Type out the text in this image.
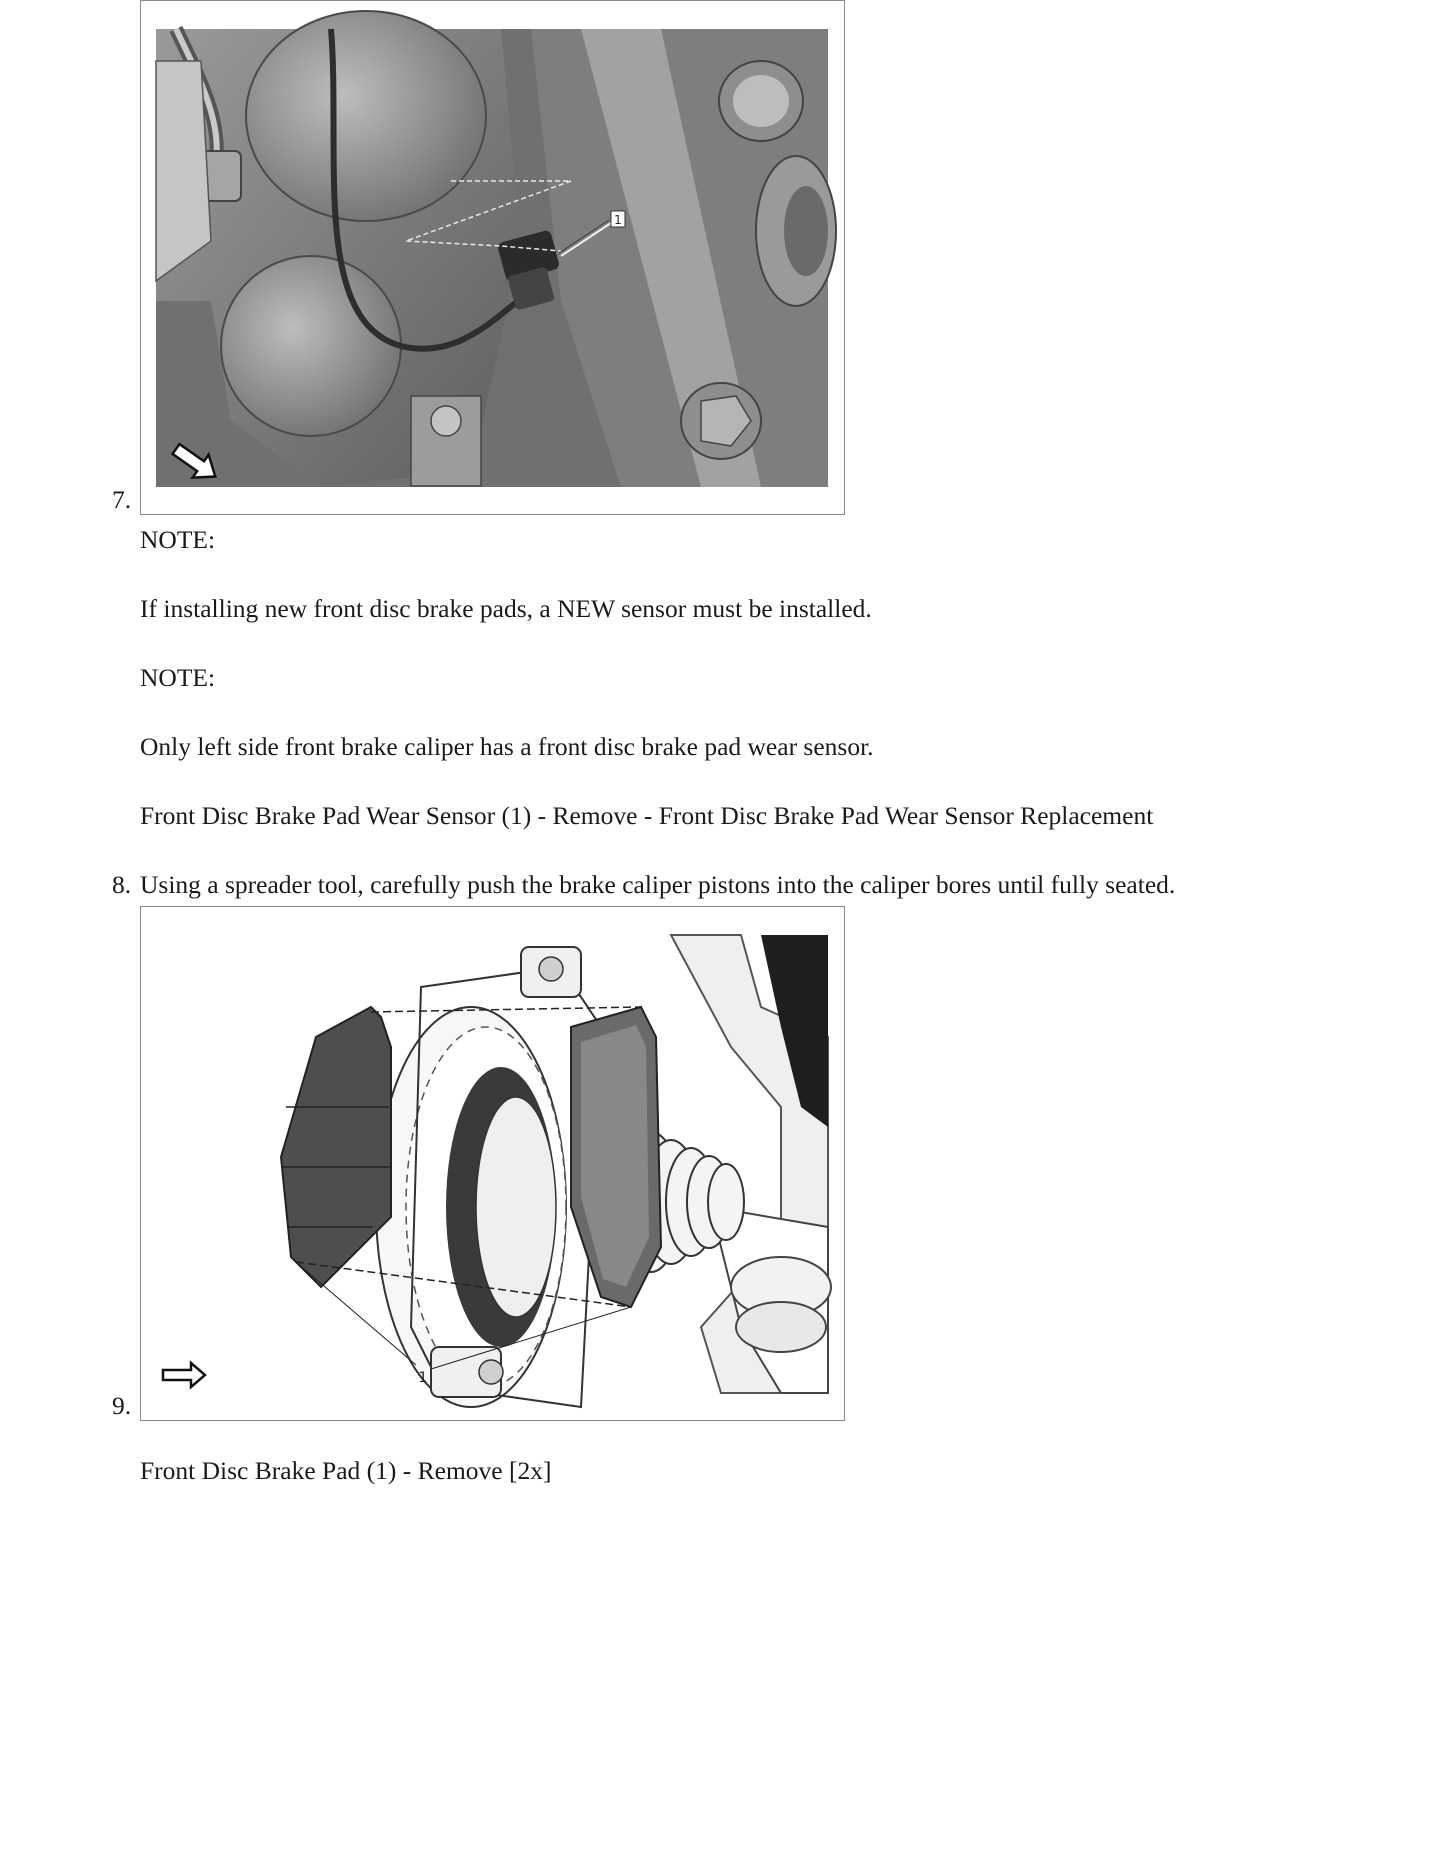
1
7.
NOTE:
If installing new front disc brake pads, a NEW sensor must be installed.
NOTE:
Only left side front brake caliper has a front disc brake pad wear sensor.
Front Disc Brake Pad Wear Sensor (1) - Remove - Front Disc Brake Pad Wear Sensor Replacement
8. Using a spreader tool, carefully push the brake caliper pistons into the caliper bores until fully seated.
1
9.
Front Disc Brake Pad (1) - Remove [2x]
